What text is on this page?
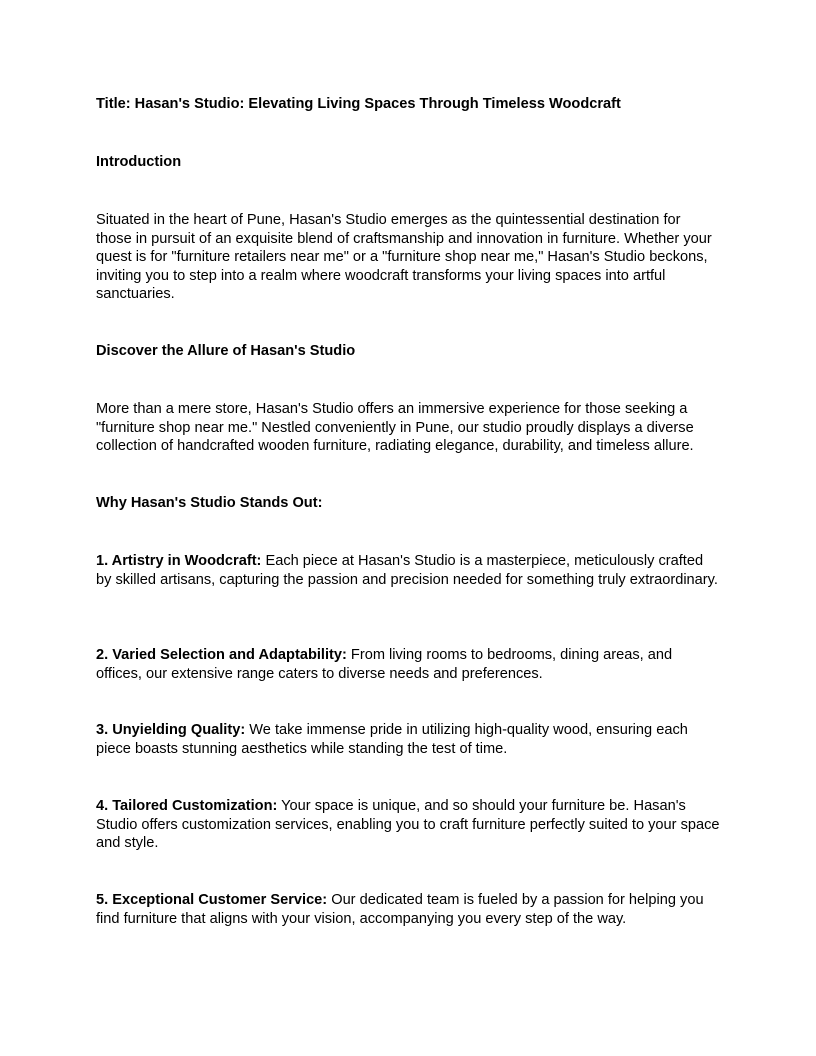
Title: Hasan's Studio: Elevating Living Spaces Through Timeless Woodcraft

Introduction

Situated in the heart of Pune, Hasan's Studio emerges as the quintessential destination for those in pursuit of an exquisite blend of craftsmanship and innovation in furniture. Whether your quest is for "furniture retailers near me" or a "furniture shop near me," Hasan's Studio beckons, inviting you to step into a realm where woodcraft transforms your living spaces into artful sanctuaries.

Discover the Allure of Hasan's Studio

More than a mere store, Hasan's Studio offers an immersive experience for those seeking a "furniture shop near me." Nestled conveniently in Pune, our studio proudly displays a diverse collection of handcrafted wooden furniture, radiating elegance, durability, and timeless allure.

Why Hasan's Studio Stands Out:

1. Artistry in Woodcraft: Each piece at Hasan's Studio is a masterpiece, meticulously crafted by skilled artisans, capturing the passion and precision needed for something truly extraordinary.

2. Varied Selection and Adaptability: From living rooms to bedrooms, dining areas, and offices, our extensive range caters to diverse needs and preferences.

3. Unyielding Quality: We take immense pride in utilizing high-quality wood, ensuring each piece boasts stunning aesthetics while standing the test of time.

4. Tailored Customization: Your space is unique, and so should your furniture be. Hasan's Studio offers customization services, enabling you to craft furniture perfectly suited to your space and style.

5. Exceptional Customer Service: Our dedicated team is fueled by a passion for helping you find furniture that aligns with your vision, accompanying you every step of the way.
